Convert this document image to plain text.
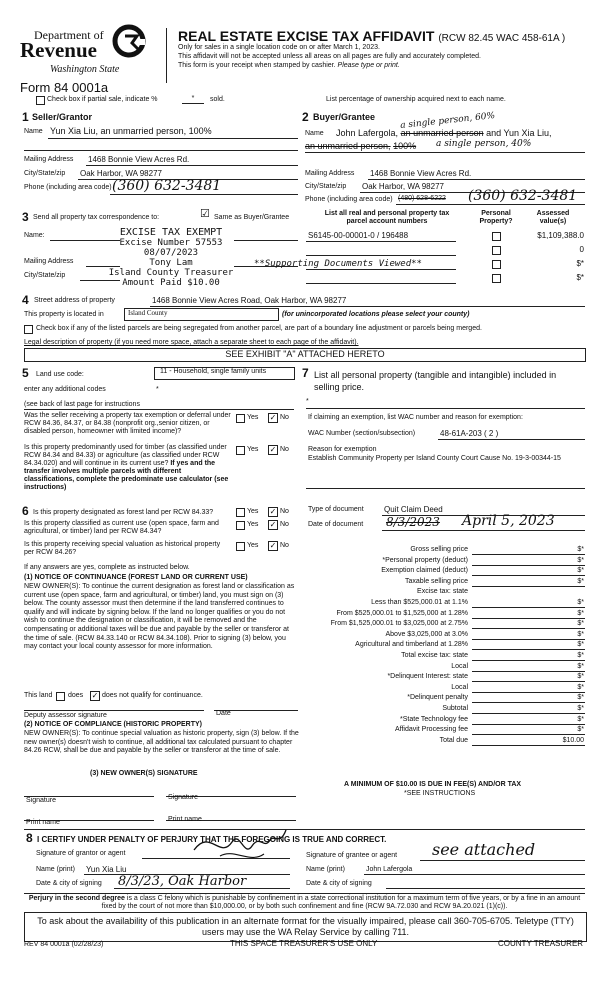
Department of
Revenue
Washington State
Form 84 0001a
REAL ESTATE EXCISE TAX AFFIDAVIT (RCW 82.45 WAC 458-61A )
Only for sales in a single location code on or after March 1, 2023.
This affidavit will not be accepted unless all areas on all pages are fully and accurately completed.
This form is your receipt when stamped by cashier. Please type or print.
Check box if partial sale, indicate %	*	sold.	List percentage of ownership acquired next to each name.
1 Seller/Grantor
Name Yun Xia Liu, an unmarried person, 100%
Mailing Address 1468 Bonnie View Acres Rd.
City/State/zip Oak Harbor, WA 98277
Phone (including area code) (360) 632-3481
2 Buyer/Grantee	a single person, 60%
Name John Lafergola, an unmarried person and Yun Xia Liu,
an unmarried person, 100% a single person, 40%
Mailing Address 1468 Bonnie View Acres Rd.
City/State/zip Oak Harbor, WA 98277
Phone (including area code) (480) 628-6222 (360) 632-3481
3 Send all property tax correspondence to:	☑ Same as Buyer/Grantee
Name:
Mailing Address
City/State/zip
EXCISE TAX EXEMPT
Excise Number 57553
08/07/2023
Tony Lam
Island County Treasurer
Amount Paid $10.00
**Supporting Documents Viewed**
List all real and personal property tax
parcel account numbers
Personal
Property?
Assessed
value(s)
S6145-00-00001-0 / 196488	$1,109,388.0
0
$*
$*
4 Street address of property	1468 Bonnie View Acres Road, Oak Harbor, WA 98277
This property is located in	Island County	(for unincorporated locations please select your county)
Check box if any of the listed parcels are being segregated from another parcel, are part of a boundary line adjustment or parcels being merged.
Legal description of property (if you need more space, attach a separate sheet to each page of the affidavit).
SEE EXHIBIT "A" ATTACHED HERETO
5 Land use code:	11 - Household, single family units
enter any additional codes	*
(see back of last page for instructions
Was the seller receiving a property tax exemption or deferral under RCW 84.36, 84.37, or 84.38 (nonprofit org.,senior citizen, or disabled person, homeowner with limited income)?
Yes ✓ No
Is this property predominantly used for timber (as classified under RCW 84.34 and 84.33) or agriculture (as classified under RCW 84.34.020) and will continue in its current use? If yes and the transfer involves multiple parcels with different classifications, complete the predominate use calculator (see instructions)
Yes ✓ No
6 Is this property designated as forest land per RCW 84.33?	Yes ✓ No
Is this property classified as current use (open space, farm and agricultural, or timber) land per RCW 84.34?
Yes ✓ No
Is this property receiving special valuation as historical property per RCW 84.26?
Yes ✓ No
If any answers are yes, complete as instructed below.
(1) NOTICE OF CONTINUANCE (FOREST LAND OR CURRENT USE)
NEW OWNER(S): To continue the current designation as forest land or classification as current use (open space, farm and agricultural, or timber) land, you must sign on (3) below. The county assessor must then determine if the land transferred continues to qualify and will indicate by signing below. If the land no longer qualifies or you do not wish to continue the designation or classification, it will be removed and the compensating or additional taxes will be due and payable by the seller or transferor at the time of sale. (RCW 84.33.140 or RCW 84.34.108). Prior to signing (3) below, you may contact your local county assessor for more information.
This land does ✓ does not qualify for continuance.
Deputy assessor signature	Date
(2) NOTICE OF COMPLIANCE (HISTORIC PROPERTY)
NEW OWNER(S): To continue special valuation as historic property, sign (3) below. If the new owner(s) doesn't wish to continue, all additional tax calculated pursuant to chapter 84.26 RCW, shall be due and payable by the seller or transferor at the time of sale.
(3) NEW OWNER(S) SIGNATURE
Signature	Signature
Print name	Print name
7 List all personal property (tangible and intangible) included in selling price.
*
If claiming an exemption, list WAC number and reason for exemption:
WAC Number (section/subsection)	48-61A-203 ( 2 )
Reason for exemption
Establish Community Property per Island County Court Cause No. 19-3-00344-15
Type of document	Quit Claim Deed
Date of document 8/3/2023 April 5, 2023
Gross selling price	$*
*Personal property (deduct)	$*
Exemption claimed (deduct)	$*
Taxable selling price	$*
Excise tax: state
Less than $525,000.01 at 1.1%	$*
From $525,000.01 to $1,525,000 at 1.28%	$*
From $1,525,000.01 to $3,025,000 at 2.75%	$*
Above $3,025,000 at 3.0%	$*
Agricultural and timberland at 1.28%	$*
Total excise tax: state	$*
Local	$*
*Delinquent Interest: state	$*
Local	$*
*Delinquent penalty	$*
Subtotal	$*
*State Technology fee	$*
Affidavit Processing fee	$*
Total due	$10.00
A MINIMUM OF $10.00 IS DUE IN FEE(S) AND/OR TAX
*SEE INSTRUCTIONS
8 I CERTIFY UNDER PENALTY OF PERJURY THAT THE FOREGOING IS TRUE AND CORRECT.
Signature of grantor or agent
Name (print) Yun Xia Liu
Date & city of signing 8/3/23, Oak Harbor
Signature of grantee or agent see attached
Name (print)	John Lafergola
Date & city of signing
Perjury in the second degree is a class C felony which is punishable by confinement in a state correctional institution for a maximum term of five years, or by a fine in an amount fixed by the court of not more than $10,000.00, or by both such confinement and fine (RCW 9A.72.030 and RCW 9A.20.021 (1)(c)).
To ask about the availability of this publication in an alternate format for the visually impaired, please call 360-705-6705. Teletype (TTY) users may use the WA Relay Service by calling 711.
REV 84 0001a (02/28/23)	THIS SPACE TREASURER'S USE ONLY	COUNTY TREASURER
